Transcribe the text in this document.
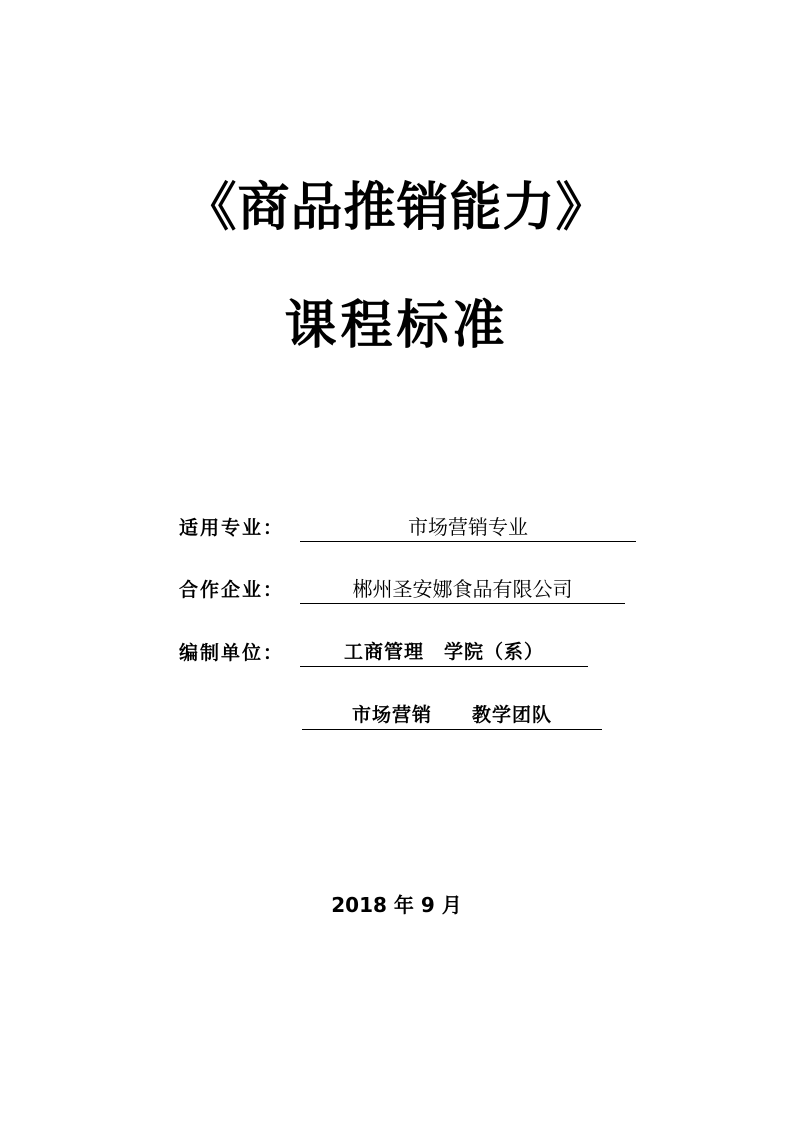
《商品推销能力》
课程标准
适用专业：	市场营销专业
合作企业：	郴州圣安娜食品有限公司
编制单位：	工商管理　学院（系）
市场营销　　教学团队
2018 年 9 月
